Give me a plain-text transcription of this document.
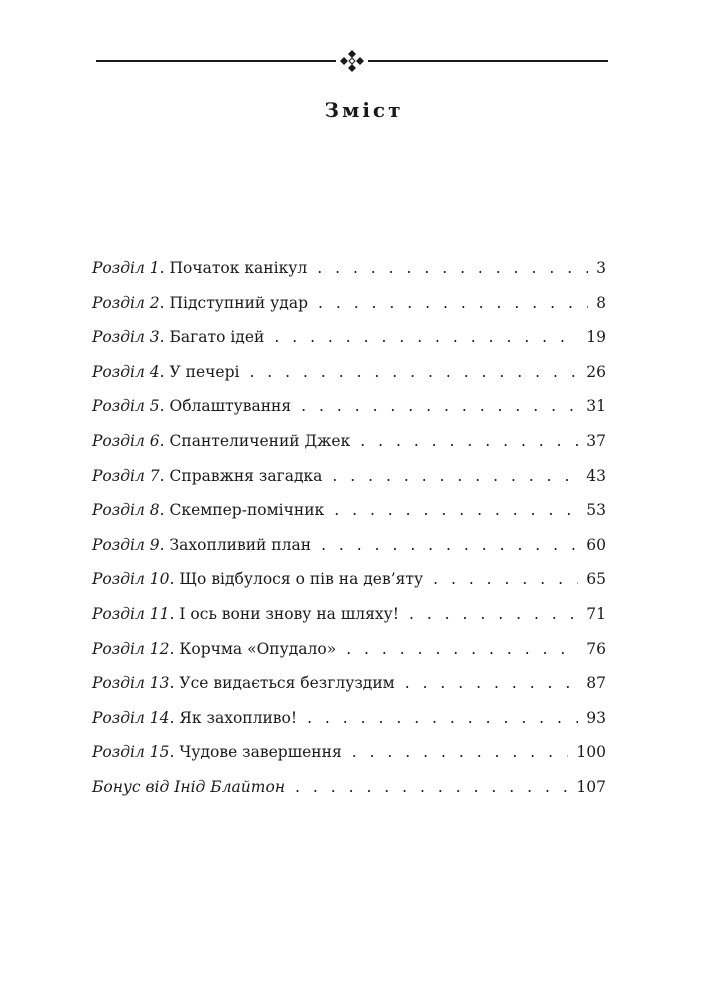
Зміст
Розділ 1. Початок канікул . . .	3
Розділ 2. Підступний удар . . .	8
Розділ 3. Багато ідей . . .	19
Розділ 4. У печері . . .	26
Розділ 5. Облаштування . . .	31
Розділ 6. Спантеличений Джек . . .	37
Розділ 7. Справжня загадка . . .	43
Розділ 8. Скемпер-помічник . . .	53
Розділ 9. Захопливий план . . .	60
Розділ 10. Що відбулося о пів на дев’яту . . .	65
Розділ 11. І ось вони знову на шляху! . . .	71
Розділ 12. Корчма «Опудало» . . .	76
Розділ 13. Усе видається безглуздим . . .	87
Розділ 14. Як захопливо! . . .	93
Розділ 15. Чудове завершення . . .	100
Бонус від Інід Блайтон . . .	107
